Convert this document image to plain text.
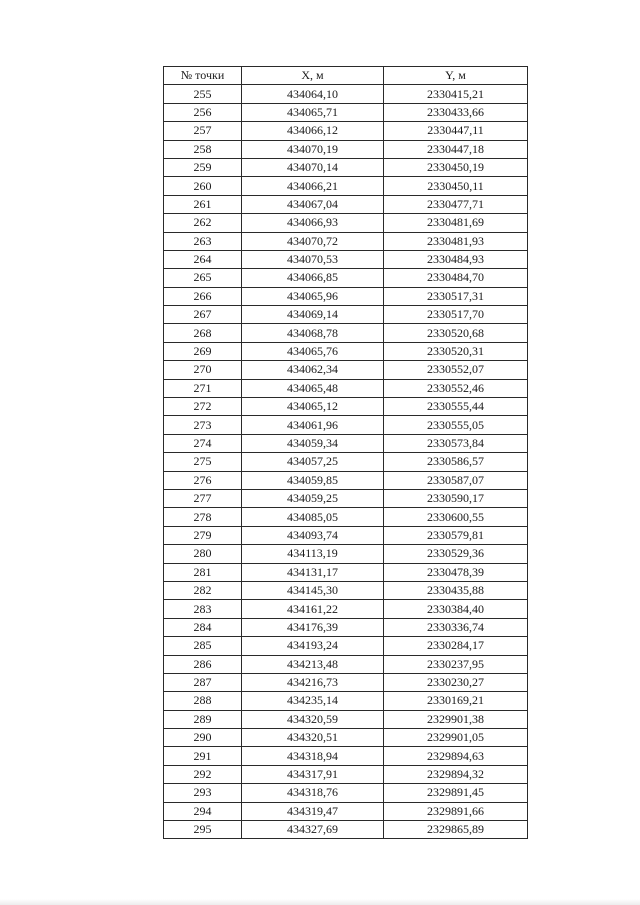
№ точки	X, м	Y, м
255	434064,10	2330415,21
256	434065,71	2330433,66
257	434066,12	2330447,11
258	434070,19	2330447,18
259	434070,14	2330450,19
260	434066,21	2330450,11
261	434067,04	2330477,71
262	434066,93	2330481,69
263	434070,72	2330481,93
264	434070,53	2330484,93
265	434066,85	2330484,70
266	434065,96	2330517,31
267	434069,14	2330517,70
268	434068,78	2330520,68
269	434065,76	2330520,31
270	434062,34	2330552,07
271	434065,48	2330552,46
272	434065,12	2330555,44
273	434061,96	2330555,05
274	434059,34	2330573,84
275	434057,25	2330586,57
276	434059,85	2330587,07
277	434059,25	2330590,17
278	434085,05	2330600,55
279	434093,74	2330579,81
280	434113,19	2330529,36
281	434131,17	2330478,39
282	434145,30	2330435,88
283	434161,22	2330384,40
284	434176,39	2330336,74
285	434193,24	2330284,17
286	434213,48	2330237,95
287	434216,73	2330230,27
288	434235,14	2330169,21
289	434320,59	2329901,38
290	434320,51	2329901,05
291	434318,94	2329894,63
292	434317,91	2329894,32
293	434318,76	2329891,45
294	434319,47	2329891,66
295	434327,69	2329865,89
